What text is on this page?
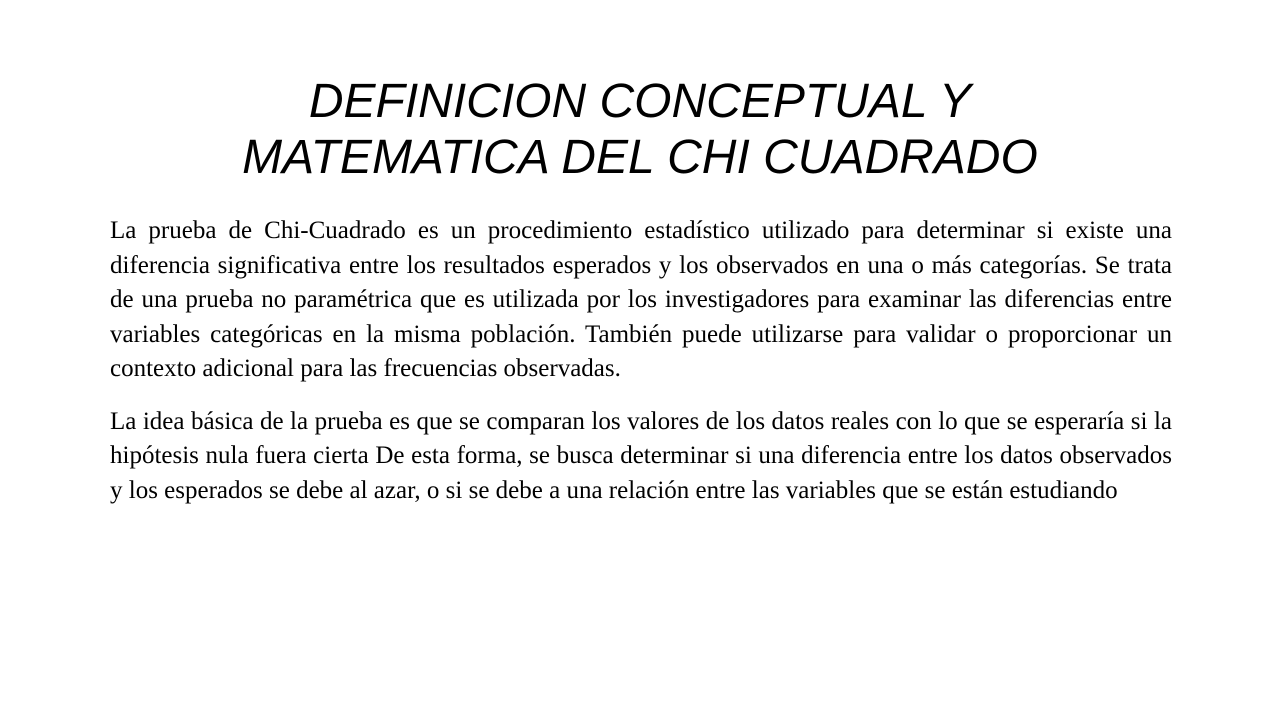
DEFINICION CONCEPTUAL Y
MATEMATICA DEL CHI CUADRADO

La prueba de Chi-Cuadrado es un procedimiento estadístico utilizado para determinar si existe una diferencia significativa entre los resultados esperados y los observados en una o más categorías. Se trata de una prueba no paramétrica que es utilizada por los investigadores para examinar las diferencias entre variables categóricas en la misma población. También puede utilizarse para validar o proporcionar un contexto adicional para las frecuencias observadas.

La idea básica de la prueba es que se comparan los valores de los datos reales con lo que se esperaría si la hipótesis nula fuera cierta De esta forma, se busca determinar si una diferencia entre los datos observados y los esperados se debe al azar, o si se debe a una relación entre las variables que se están estudiando
